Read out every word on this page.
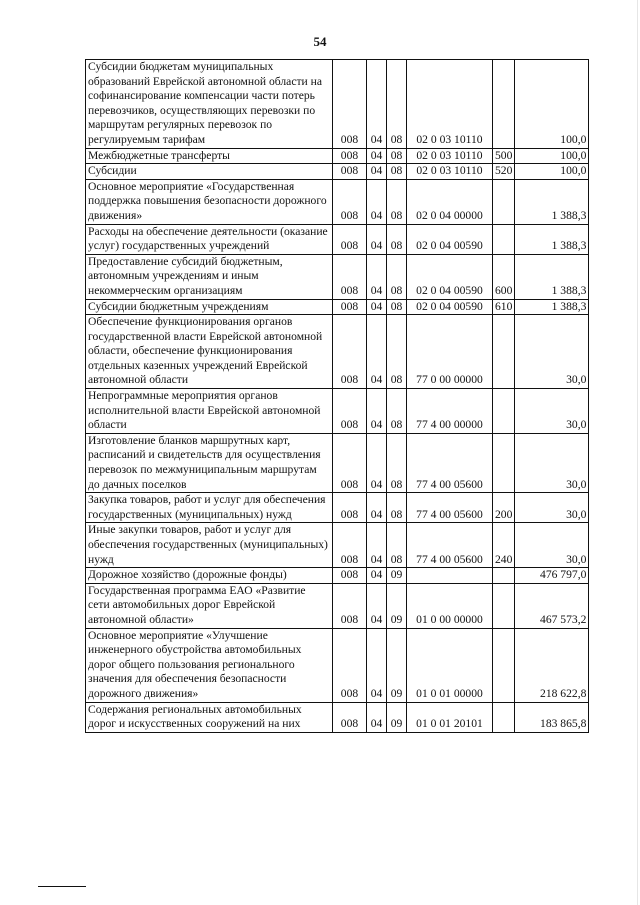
54
Субсидии бюджетам муниципальных образований Еврейской автономной области на софинансирование компенсации части потерь перевозчиков, осуществляющих перевозки по маршрутам регулярных перевозок по регулируемым тарифам	008	04	08	02 0 03 10110		100,0
Межбюджетные трансферты	008	04	08	02 0 03 10110	500	100,0
Субсидии	008	04	08	02 0 03 10110	520	100,0
Основное мероприятие «Государственная поддержка повышения безопасности дорожного движения»	008	04	08	02 0 04 00000		1 388,3
Расходы на обеспечение деятельности (оказание услуг) государственных учреждений	008	04	08	02 0 04 00590		1 388,3
Предоставление субсидий бюджетным, автономным учреждениям и иным некоммерческим организациям	008	04	08	02 0 04 00590	600	1 388,3
Субсидии бюджетным учреждениям	008	04	08	02 0 04 00590	610	1 388,3
Обеспечение функционирования органов государственной власти Еврейской автономной области, обеспечение функционирования отдельных казенных учреждений Еврейской автономной области	008	04	08	77 0 00 00000		30,0
Непрограммные мероприятия органов исполнительной власти Еврейской автономной области	008	04	08	77 4 00 00000		30,0
Изготовление бланков маршрутных карт, расписаний и свидетельств для осуществления перевозок по межмуниципальным маршрутам до дачных поселков	008	04	08	77 4 00 05600		30,0
Закупка товаров, работ и услуг для обеспечения государственных (муниципальных) нужд	008	04	08	77 4 00 05600	200	30,0
Иные закупки товаров, работ и услуг для обеспечения государственных (муниципальных) нужд	008	04	08	77 4 00 05600	240	30,0
Дорожное хозяйство (дорожные фонды)	008	04	09			476 797,0
Государственная программа ЕАО «Развитие сети автомобильных дорог Еврейской автономной области»	008	04	09	01 0 00 00000		467 573,2
Основное мероприятие «Улучшение инженерного обустройства автомобильных дорог общего пользования регионального значения для обеспечения безопасности дорожного движения»	008	04	09	01 0 01 00000		218 622,8
Содержания региональных автомобильных дорог и искусственных сооружений на них	008	04	09	01 0 01 20101		183 865,8
